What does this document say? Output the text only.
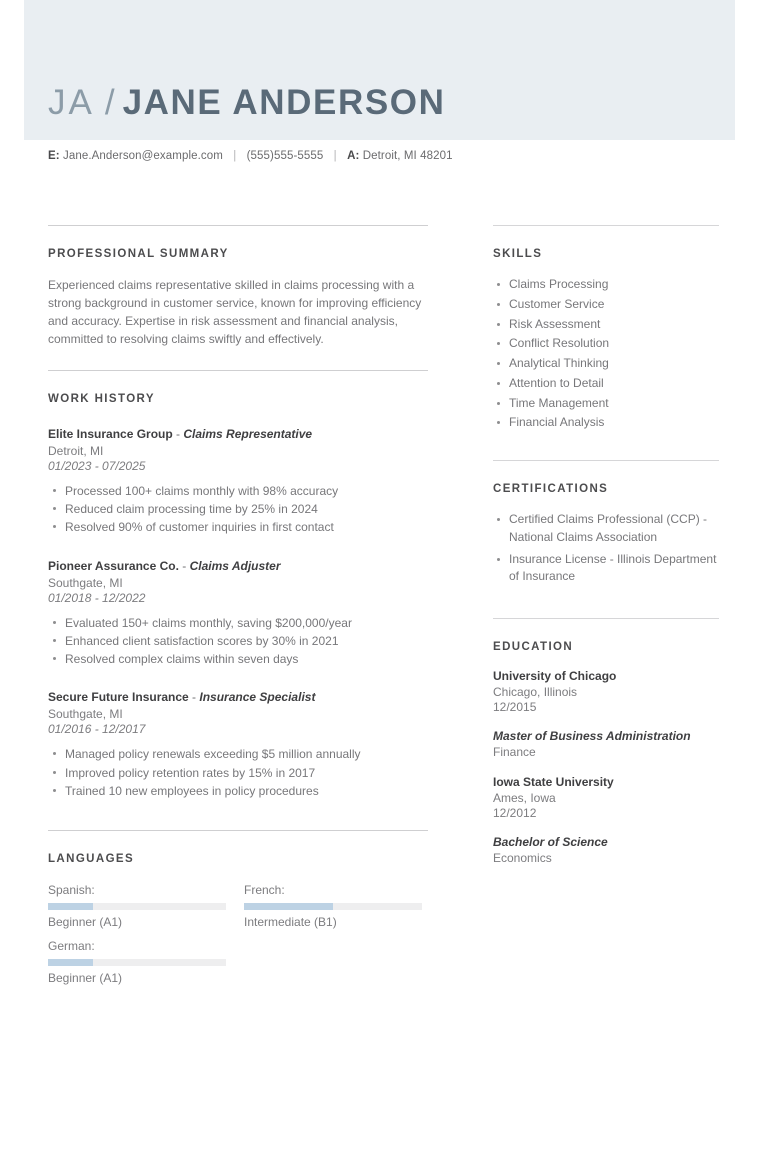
JA / JANE ANDERSON
E: Jane.Anderson@example.com | (555)555-5555 | A: Detroit, MI 48201
PROFESSIONAL SUMMARY
Experienced claims representative skilled in claims processing with a strong background in customer service, known for improving efficiency and accuracy. Expertise in risk assessment and financial analysis, committed to resolving claims swiftly and effectively.
WORK HISTORY
Elite Insurance Group - Claims Representative
Detroit, MI
01/2023 - 07/2025
Processed 100+ claims monthly with 98% accuracy
Reduced claim processing time by 25% in 2024
Resolved 90% of customer inquiries in first contact
Pioneer Assurance Co. - Claims Adjuster
Southgate, MI
01/2018 - 12/2022
Evaluated 150+ claims monthly, saving $200,000/year
Enhanced client satisfaction scores by 30% in 2021
Resolved complex claims within seven days
Secure Future Insurance - Insurance Specialist
Southgate, MI
01/2016 - 12/2017
Managed policy renewals exceeding $5 million annually
Improved policy retention rates by 15% in 2017
Trained 10 new employees in policy procedures
LANGUAGES
Spanish:
Beginner (A1)
French:
Intermediate (B1)
German:
Beginner (A1)
SKILLS
Claims Processing
Customer Service
Risk Assessment
Conflict Resolution
Analytical Thinking
Attention to Detail
Time Management
Financial Analysis
CERTIFICATIONS
Certified Claims Professional (CCP) - National Claims Association
Insurance License - Illinois Department of Insurance
EDUCATION
University of Chicago
Chicago, Illinois
12/2015
Master of Business Administration
Finance
Iowa State University
Ames, Iowa
12/2012
Bachelor of Science
Economics
